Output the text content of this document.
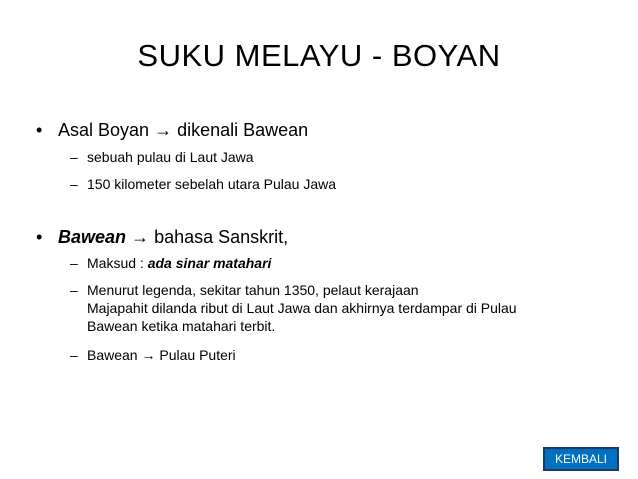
SUKU MELAYU - BOYAN
• Asal Boyan → dikenali Bawean
– sebuah pulau di Laut Jawa
– 150 kilometer sebelah utara Pulau Jawa
• Bawean → bahasa Sanskrit,
– Maksud : ada sinar matahari
– Menurut legenda, sekitar tahun 1350, pelaut kerajaan
Majapahit dilanda ribut di Laut Jawa dan akhirnya terdampar di Pulau
Bawean ketika matahari terbit.
– Bawean → Pulau Puteri
KEMBALI
